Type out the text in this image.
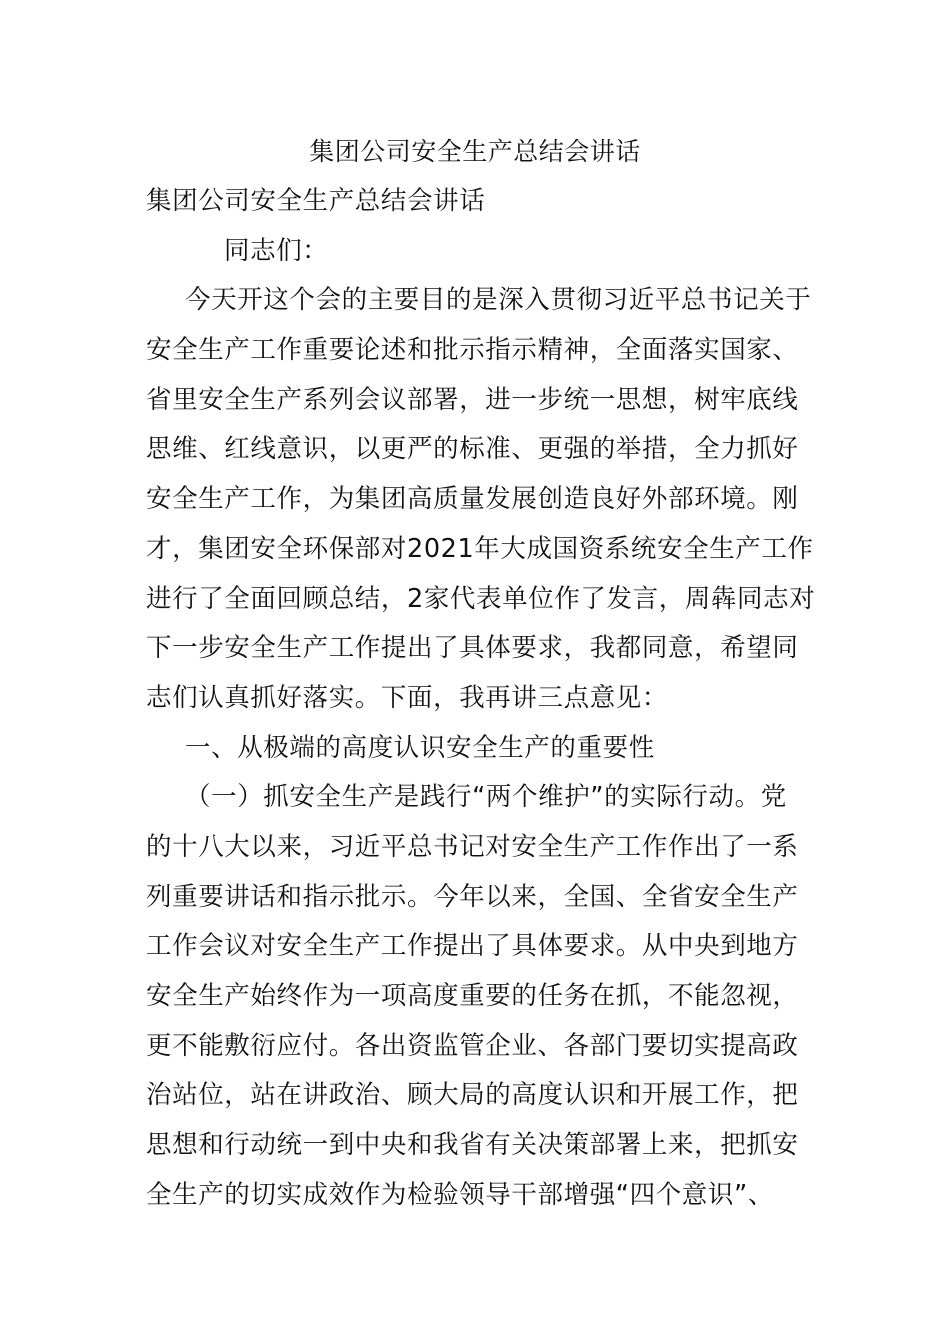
集团公司安全生产总结会讲话
集团公司安全生产总结会讲话
同志们：
今天开这个会的主要目的是深入贯彻习近平总书记关于
安全生产工作重要论述和批示指示精神，全面落实国家、
省里安全生产系列会议部署，进一步统一思想，树牢底线
思维、红线意识，以更严的标准、更强的举措，全力抓好
安全生产工作，为集团高质量发展创造良好外部环境。刚
才，集团安全环保部对2021年大成国资系统安全生产工作
进行了全面回顾总结，2家代表单位作了发言，周犇同志对
下一步安全生产工作提出了具体要求，我都同意，希望同
志们认真抓好落实。下面，我再讲三点意见：
一、从极端的高度认识安全生产的重要性
（一）抓安全生产是践行“两个维护”的实际行动。党
的十八大以来，习近平总书记对安全生产工作作出了一系
列重要讲话和指示批示。今年以来，全国、全省安全生产
工作会议对安全生产工作提出了具体要求。从中央到地方
安全生产始终作为一项高度重要的任务在抓，不能忽视，
更不能敷衍应付。各出资监管企业、各部门要切实提高政
治站位，站在讲政治、顾大局的高度认识和开展工作，把
思想和行动统一到中央和我省有关决策部署上来，把抓安
全生产的切实成效作为检验领导干部增强“四个意识”、
